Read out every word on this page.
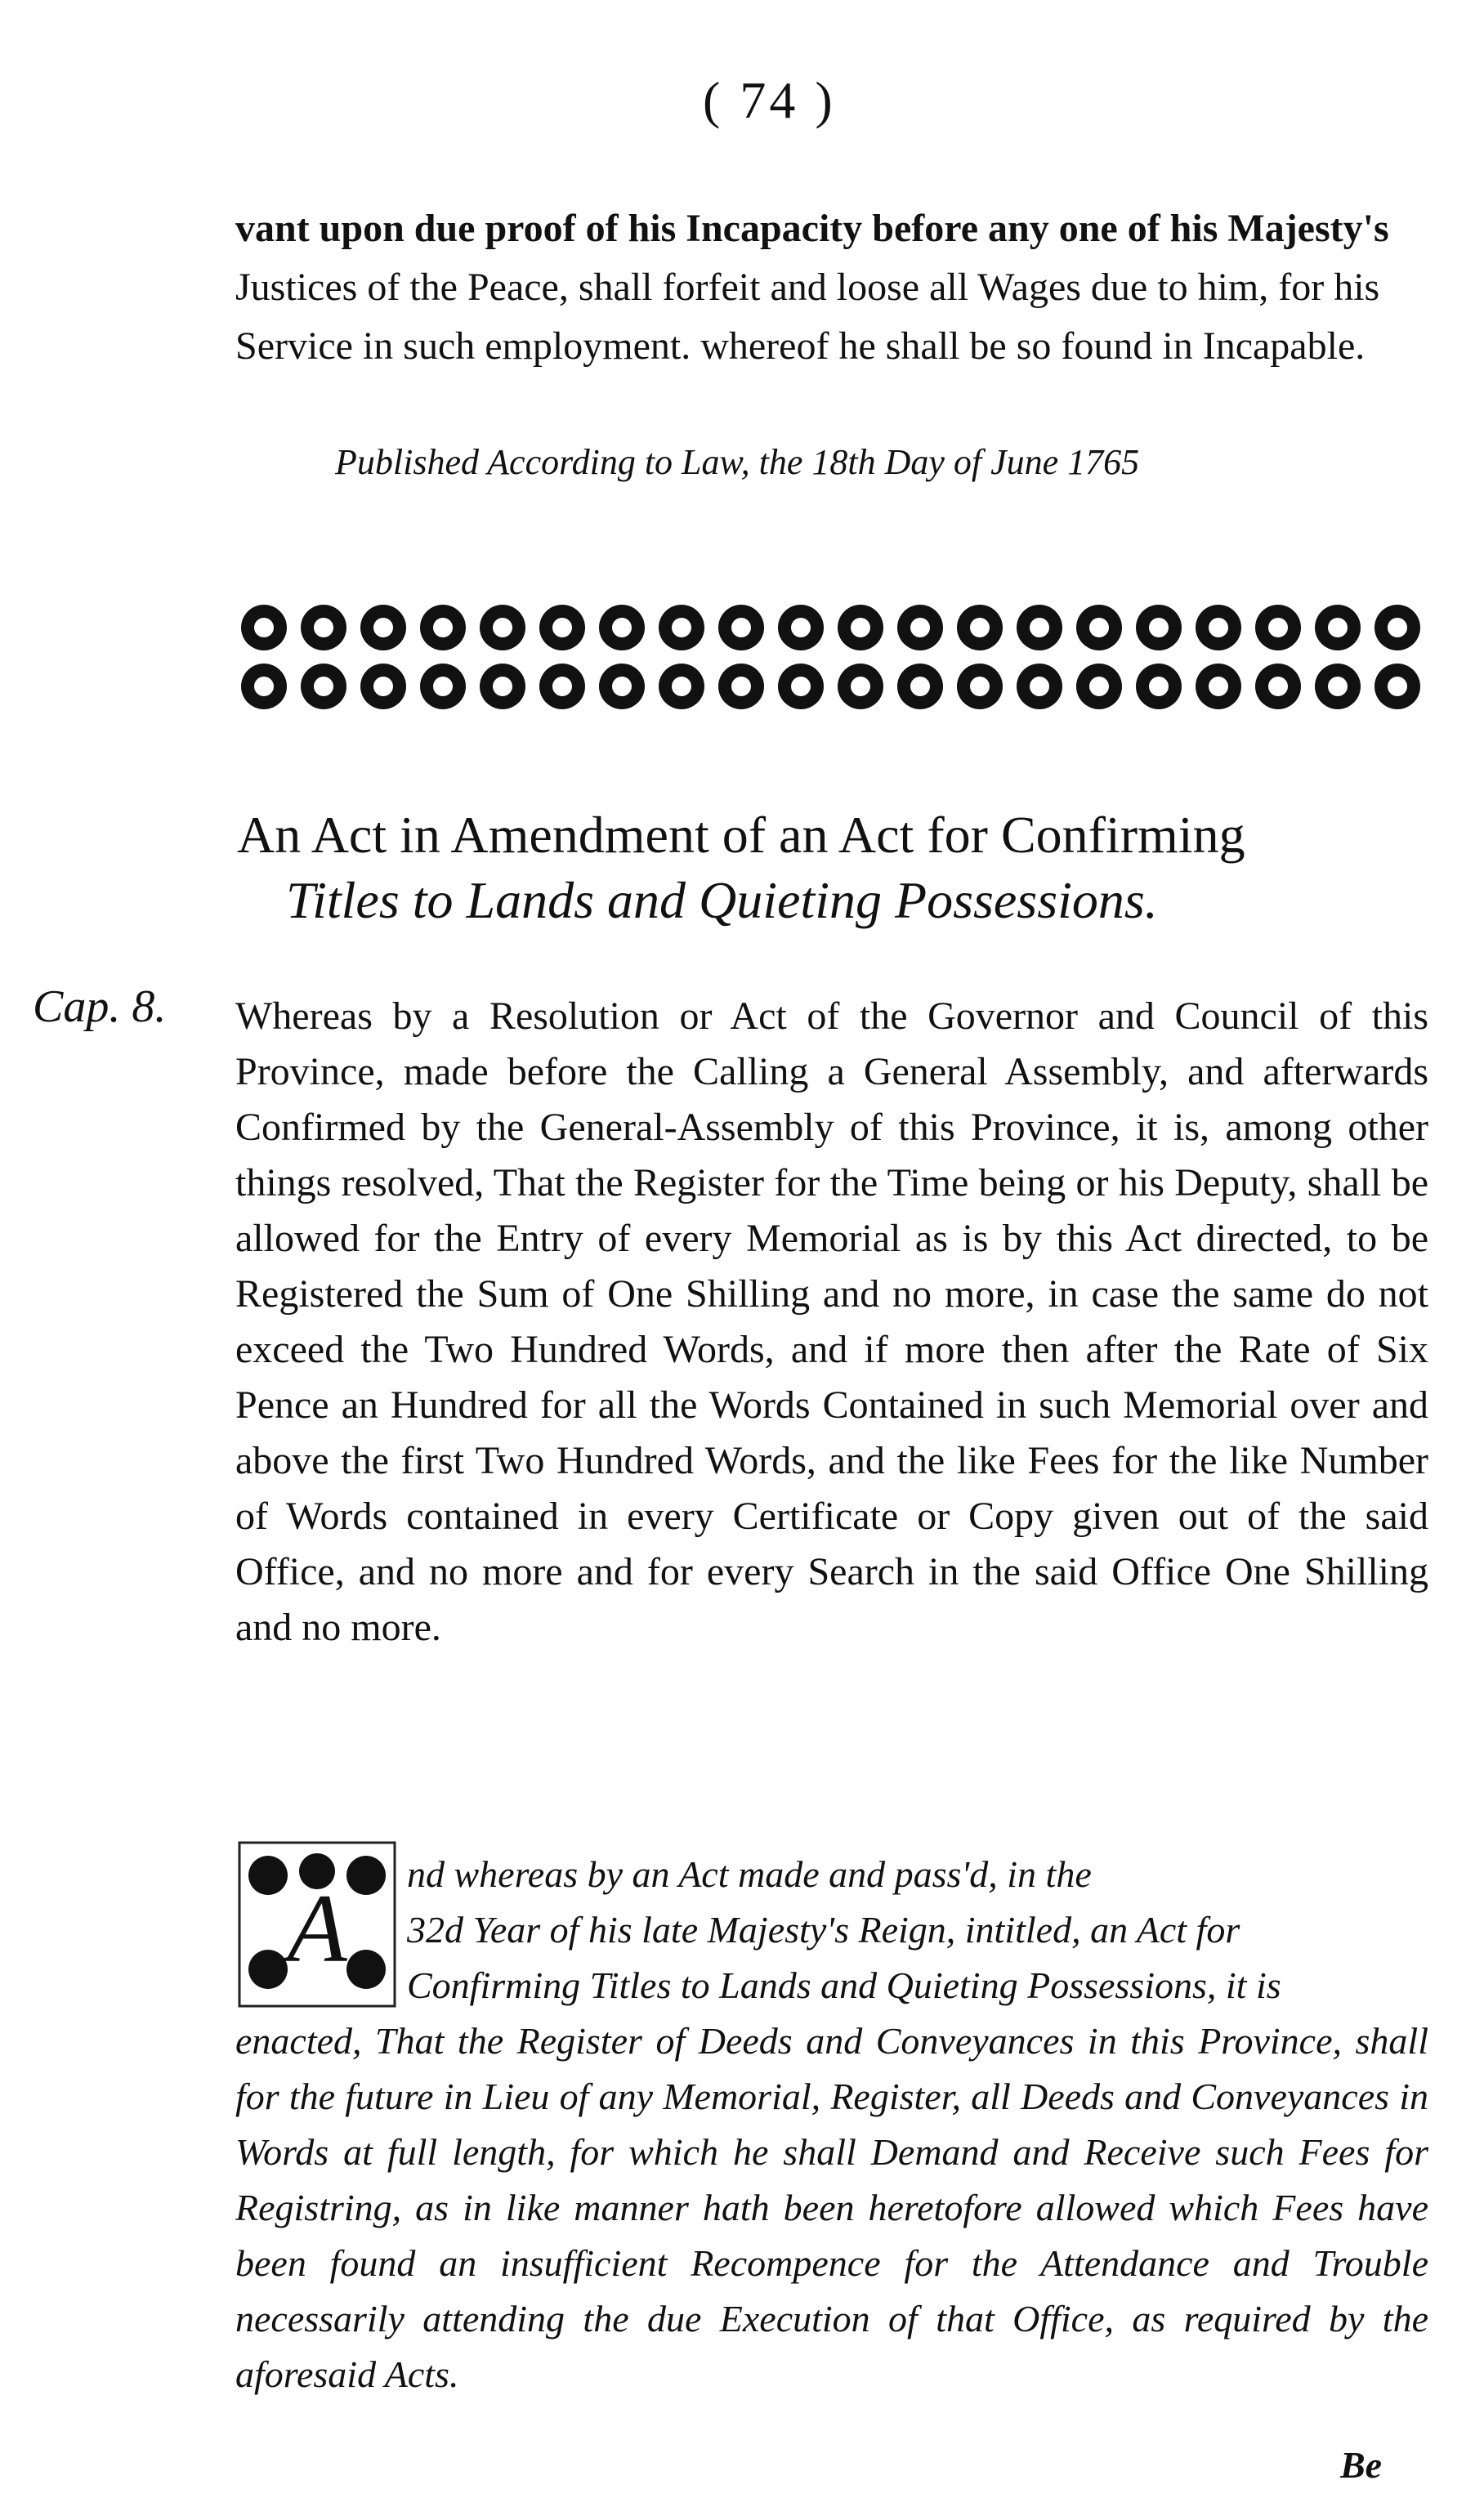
( 74 )
vant upon due proof of his Incapacity before any one of his Majesty's
Justices of the Peace, shall forfeit and loose all Wages due to him, for his
Service in such employment. whereof he shall be so found in Incapable.
Published According to Law, the 18th Day of June 1765
An Act in Amendment of an Act for Confirming
Titles to Lands and Quieting Possessions.
Cap. 8. Whereas by a Resolution or Act of the Governor and Council of this Province, made before the Calling a General Assembly, and afterwards Confirmed by the General-Assembly of this Province, it is, among other things resolved, That the Register for the Time being or his Deputy, shall be allowed for the Entry of every Memorial as is by this Act directed, to be Registered the Sum of One Shilling and no more, in case the same do not exceed the Two Hundred Words, and if more then after the Rate of Six Pence an Hundred for all the Words Contained in such Memorial over and above the first Two Hundred Words, and the like Fees for the like Number of Words contained in every Certificate or Copy given out of the said Office, and no more and for every Search in the said Office One Shilling and no more.
A	nd whereas by an Act made and pass'd, in the
32d Year of his late Majesty's Reign, intitled, an Act for
Confirming Titles to Lands and Quieting Possessions, it is
enacted, That the Register of Deeds and Conveyances in this Province, shall for the future in Lieu of any Memorial, Register, all Deeds and Conveyances in Words at full length, for which he shall Demand and Receive such Fees for Registring, as in like manner hath been heretofore allowed which Fees have been found an insufficient Recompence for the Attendance and Trouble necessarily attending the due Execution of that Office, as required by the aforesaid Acts.
Be
